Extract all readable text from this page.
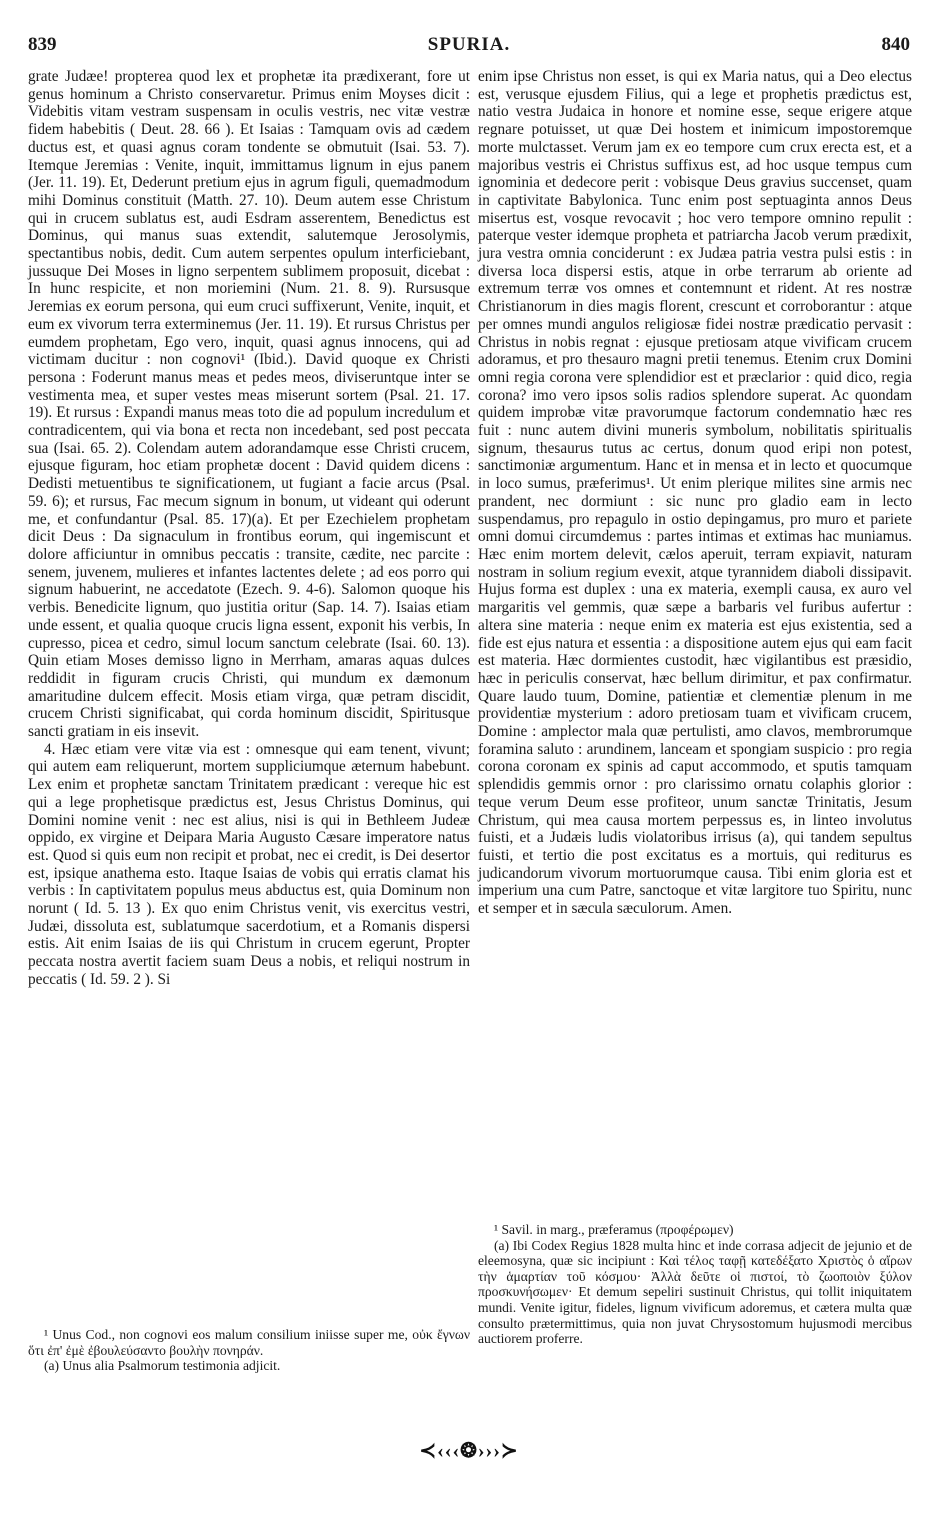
839	SPURIA.	840

grate Judæe! propterea quod lex et prophetæ ita prædixerant, fore ut genus hominum a Christo conservaretur. Primus enim Moyses dicit : Videbitis vitam vestram suspensam in oculis vestris, nec vitæ vestræ fidem habebitis ( Deut. 28. 66 ). Et Isaias : Tamquam ovis ad cædem ductus est, et quasi agnus coram tondente se obmutuit (Isai. 53. 7). Itemque Jeremias : Venite, inquit, immittamus lignum in ejus panem (Jer. 11. 19). Et, Dederunt pretium ejus in agrum figuli, quemadmodum mihi Dominus constituit (Matth. 27. 10). Deum autem esse Christum qui in crucem sublatus est, audi Esdram asserentem, Benedictus est Dominus, qui manus suas extendit, salutemque Jerosolymis, spectantibus nobis, dedit. Cum autem serpentes opulum interficiebant, jussuque Dei Moses in ligno serpentem sublimem proposuit, dicebat : In hunc respicite, et non moriemini (Num. 21. 8. 9). Rursusque Jeremias ex eorum persona, qui eum cruci suffixerunt, Venite, inquit, et eum ex vivorum terra exterminemus (Jer. 11. 19). Et rursus Christus per eumdem prophetam, Ego vero, inquit, quasi agnus innocens, qui ad victimam ducitur : non cognovi¹ (Ibid.). David quoque ex Christi persona : Foderunt manus meas et pedes meos, diviseruntque inter se vestimenta mea, et super vestes meas miserunt sortem (Psal. 21. 17. 19). Et rursus : Expandi manus meas toto die ad populum incredulum et contradicentem, qui via bona et recta non incedebant, sed post peccata sua (Isai. 65. 2). Colendam autem adorandamque esse Christi crucem, ejusque figuram, hoc etiam prophetæ docent : David quidem dicens : Dedisti metuentibus te significationem, ut fugiant a facie arcus (Psal. 59. 6); et rursus, Fac mecum signum in bonum, ut videant qui oderunt me, et confundantur (Psal. 85. 17)(a). Et per Ezechielem prophetam dicit Deus : Da signaculum in frontibus eorum, qui ingemiscunt et dolore afficiuntur in omnibus peccatis : transite, cædite, nec parcite : senem, juvenem, mulieres et infantes lactentes delete ; ad eos porro qui signum habuerint, ne accedatote (Ezech. 9. 4-6). Salomon quoque his verbis. Benedicite lignum, quo justitia oritur (Sap. 14. 7). Isaias etiam unde essent, et qualia quoque crucis ligna essent, exponit his verbis, In cupresso, picea et cedro, simul locum sanctum celebrate (Isai. 60. 13). Quin etiam Moses demisso ligno in Merrham, amaras aquas dulces reddidit in figuram crucis Christi, qui mundum ex dæmonum amaritudine dulcem effecit. Mosis etiam virga, quæ petram discidit, crucem Christi significabat, qui corda hominum discidit, Spiritusque sancti gratiam in eis insevit.

4. Hæc etiam vere vitæ via est : omnesque qui eam tenent, vivunt; qui autem eam reliquerunt, mortem suppliciumque æternum habebunt. Lex enim et prophetæ sanctam Trinitatem prædicant : vereque hic est qui a lege prophetisque prædictus est, Jesus Christus Dominus, qui Domini nomine venit : nec est alius, nisi is qui in Bethleem Judeæ oppido, ex virgine et Deipara Maria Augusto Cæsare imperatore natus est. Quod si quis eum non recipit et probat, nec ei credit, is Dei desertor est, ipsique anathema esto. Itaque Isaias de vobis qui erratis clamat his verbis : In captivitatem populus meus abductus est, quia Dominum non norunt ( Id. 5. 13 ). Ex quo enim Christus venit, vis exercitus vestri, Judæi, dissoluta est, sublatumque sacerdotium, et a Romanis dispersi estis. Ait enim Isaias de iis qui Christum in crucem egerunt, Propter peccata nostra avertit faciem suam Deus a nobis, et reliqui nostrum in peccatis ( Id. 59. 2 ). Si

enim ipse Christus non esset, is qui ex Maria natus, qui a Deo electus est, verusque ejusdem Filius, qui a lege et prophetis prædictus est, natio vestra Judaica in honore et nomine esse, seque erigere atque regnare potuisset, ut quæ Dei hostem et inimicum impostoremque morte mulctasset. Verum jam ex eo tempore cum crux erecta est, et a majoribus vestris ei Christus suffixus est, ad hoc usque tempus cum ignominia et dedecore perit : vobisque Deus gravius succenset, quam in captivitate Babylonica. Tunc enim post septuaginta annos Deus misertus est, vosque revocavit ; hoc vero tempore omnino repulit : paterque vester idemque propheta et patriarcha Jacob verum prædixit, jura vestra omnia conciderunt : ex Judæa patria vestra pulsi estis : in diversa loca dispersi estis, atque in orbe terrarum ab oriente ad extremum terræ vos omnes et contemnunt et rident. At res nostræ Christianorum in dies magis florent, crescunt et corroborantur : atque per omnes mundi angulos religiosæ fidei nostræ prædicatio pervasit : Christus in nobis regnat : ejusque pretiosam atque vivificam crucem adoramus, et pro thesauro magni pretii tenemus. Etenim crux Domini omni regia corona vere splendidior est et præclarior : quid dico, regia corona? imo vero ipsos solis radios splendore superat. Ac quondam quidem improbæ vitæ pravorumque factorum condemnatio hæc res fuit : nunc autem divini muneris symbolum, nobilitatis spiritualis signum, thesaurus tutus ac certus, donum quod eripi non potest, sanctimoniæ argumentum. Hanc et in mensa et in lecto et quocumque in loco sumus, præferimus¹. Ut enim plerique milites sine armis nec prandent, nec dormiunt : sic nunc pro gladio eam in lecto suspendamus, pro repagulo in ostio depingamus, pro muro et pariete omni domui circumdemus : partes intimas et extimas hac muniamus. Hæc enim mortem delevit, cælos aperuit, terram expiavit, naturam nostram in solium regium evexit, atque tyrannidem diaboli dissipavit. Hujus forma est duplex : una ex materia, exempli causa, ex auro vel margaritis vel gemmis, quæ sæpe a barbaris vel furibus aufertur : altera sine materia : neque enim ex materia est ejus existentia, sed a fide est ejus natura et essentia : a dispositione autem ejus qui eam facit est materia. Hæc dormientes custodit, hæc vigilantibus est præsidio, hæc in periculis conservat, hæc bellum dirimitur, et pax confirmatur. Quare laudo tuum, Domine, patientiæ et clementiæ plenum in me providentiæ mysterium : adoro pretiosam tuam et vivificam crucem, Domine : amplector mala quæ pertulisti, amo clavos, membrorumque foramina saluto : arundinem, lanceam et spongiam suspicio : pro regia corona coronam ex spinis ad caput accommodo, et sputis tamquam splendidis gemmis ornor : pro clarissimo ornatu colaphis glorior : teque verum Deum esse profiteor, unum sanctæ Trinitatis, Jesum Christum, qui mea causa mortem perpessus es, in linteo involutus fuisti, et a Judæis ludis violatoribus irrisus (a), qui tandem sepultus fuisti, et tertio die post excitatus es a mortuis, qui rediturus es judicandorum vivorum mortuorumque causa. Tibi enim gloria est et imperium una cum Patre, sanctoque et vitæ largitore tuo Spiritu, nunc et semper et in sæcula sæculorum. Amen.

¹ Unus Cod., non cognovi eos malum consilium iniisse super me, οὐκ ἔγνων ὅτι ἐπ' ἐμὲ ἐβουλεύσαντο βουλὴν πονηράν.

(a) Unus alia Psalmorum testimonia adjicit.

¹ Savil. in marg., præferamus (προφέρωμεν)

(a) Ibi Codex Regius 1828 multa hinc et inde corrasa adjecit de jejunio et de eleemosyna, quæ sic incipiunt : Καὶ τέλος ταφῇ κατεδέξατο Χριστὸς ὁ αἴρων τὴν ἁμαρτίαν τοῦ κόσμου· Ἀλλὰ δεῦτε οἱ πιστοί, τὸ ζωοποιὸν ξύλον προσκυνήσωμεν· Et demum sepeliri sustinuit Christus, qui tollit iniquitatem mundi. Venite igitur, fideles, lignum vivificum adoremus, et cætera multa quæ consulto prætermittimus, quia non juvat Chrysostomum hujusmodi mercibus auctiorem proferre.

≺‹‹‹❂›››≻
